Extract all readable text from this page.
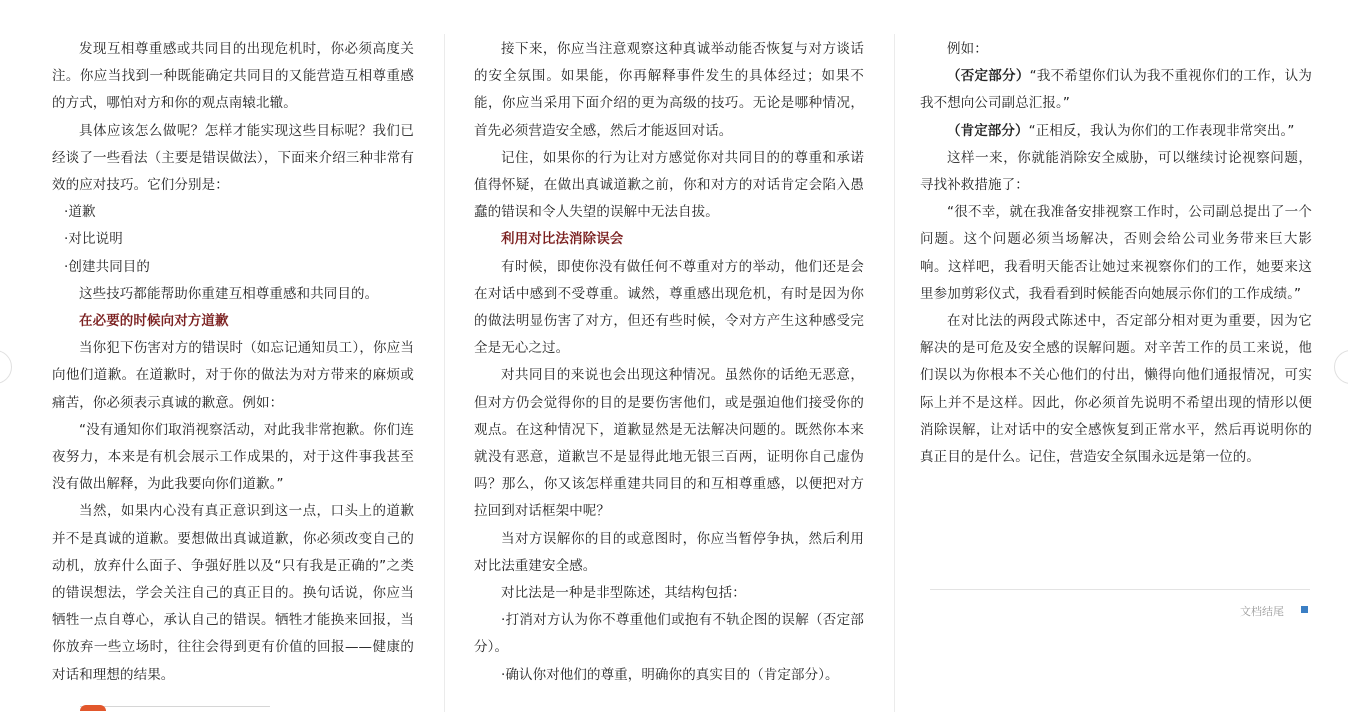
发现互相尊重感或共同目的出现危机时，你必须高度关注。你应当找到一种既能确定共同目的又能营造互相尊重感的方式，哪怕对方和你的观点南辕北辙。

具体应该怎么做呢？怎样才能实现这些目标呢？我们已经谈了一些看法（主要是错误做法），下面来介绍三种非常有效的应对技巧。它们分别是：

·道歉

·对比说明

·创建共同目的

这些技巧都能帮助你重建互相尊重感和共同目的。

在必要的时候向对方道歉

当你犯下伤害对方的错误时（如忘记通知员工），你应当向他们道歉。在道歉时，对于你的做法为对方带来的麻烦或痛苦，你必须表示真诚的歉意。例如：

“没有通知你们取消视察活动，对此我非常抱歉。你们连夜努力，本来是有机会展示工作成果的，对于这件事我甚至没有做出解释，为此我要向你们道歉。”

当然，如果内心没有真正意识到这一点，口头上的道歉并不是真诚的道歉。要想做出真诚道歉，你必须改变自己的动机，放弃什么面子、争强好胜以及“只有我是正确的”之类的错误想法，学会关注自己的真正目的。换句话说，你应当牺牲一点自尊心，承认自己的错误。牺牲才能换来回报，当你放弃一些立场时，往往会得到更有价值的回报——健康的对话和理想的结果。

接下来，你应当注意观察这种真诚举动能否恢复与对方谈话的安全氛围。如果能，你再解释事件发生的具体经过；如果不能，你应当采用下面介绍的更为高级的技巧。无论是哪种情况，首先必须营造安全感，然后才能返回对话。

记住，如果你的行为让对方感觉你对共同目的的尊重和承诺值得怀疑，在做出真诚道歉之前，你和对方的对话肯定会陷入愚蠢的错误和令人失望的误解中无法自拔。

利用对比法消除误会

有时候，即使你没有做任何不尊重对方的举动，他们还是会在对话中感到不受尊重。诚然，尊重感出现危机，有时是因为你的做法明显伤害了对方，但还有些时候，令对方产生这种感受完全是无心之过。

对共同目的来说也会出现这种情况。虽然你的话绝无恶意，但对方仍会觉得你的目的是要伤害他们，或是强迫他们接受你的观点。在这种情况下，道歉显然是无法解决问题的。既然你本来就没有恶意，道歉岂不是显得此地无银三百两，证明你自己虚伪吗？那么，你又该怎样重建共同目的和互相尊重感，以便把对方拉回到对话框架中呢？

当对方误解你的目的或意图时，你应当暂停争执，然后利用对比法重建安全感。

对比法是一种是非型陈述，其结构包括：

·打消对方认为你不尊重他们或抱有不轨企图的误解（否定部分）。

·确认你对他们的尊重，明确你的真实目的（肯定部分）。

例如：

（否定部分）“我不希望你们认为我不重视你们的工作，认为我不想向公司副总汇报。”

（肯定部分）“正相反，我认为你们的工作表现非常突出。”

这样一来，你就能消除安全威胁，可以继续讨论视察问题，寻找补救措施了：

“很不幸，就在我准备安排视察工作时，公司副总提出了一个问题。这个问题必须当场解决，否则会给公司业务带来巨大影响。这样吧，我看明天能否让她过来视察你们的工作，她要来这里参加剪彩仪式，我看看到时候能否向她展示你们的工作成绩。”

在对比法的两段式陈述中，否定部分相对更为重要，因为它解决的是可危及安全感的误解问题。对辛苦工作的员工来说，他们误以为你根本不关心他们的付出，懒得向他们通报情况，可实际上并不是这样。因此，你必须首先说明不希望出现的情形以便消除误解，让对话中的安全感恢复到正常水平，然后再说明你的真正目的是什么。记住，营造安全氛围永远是第一位的。

文档结尾
